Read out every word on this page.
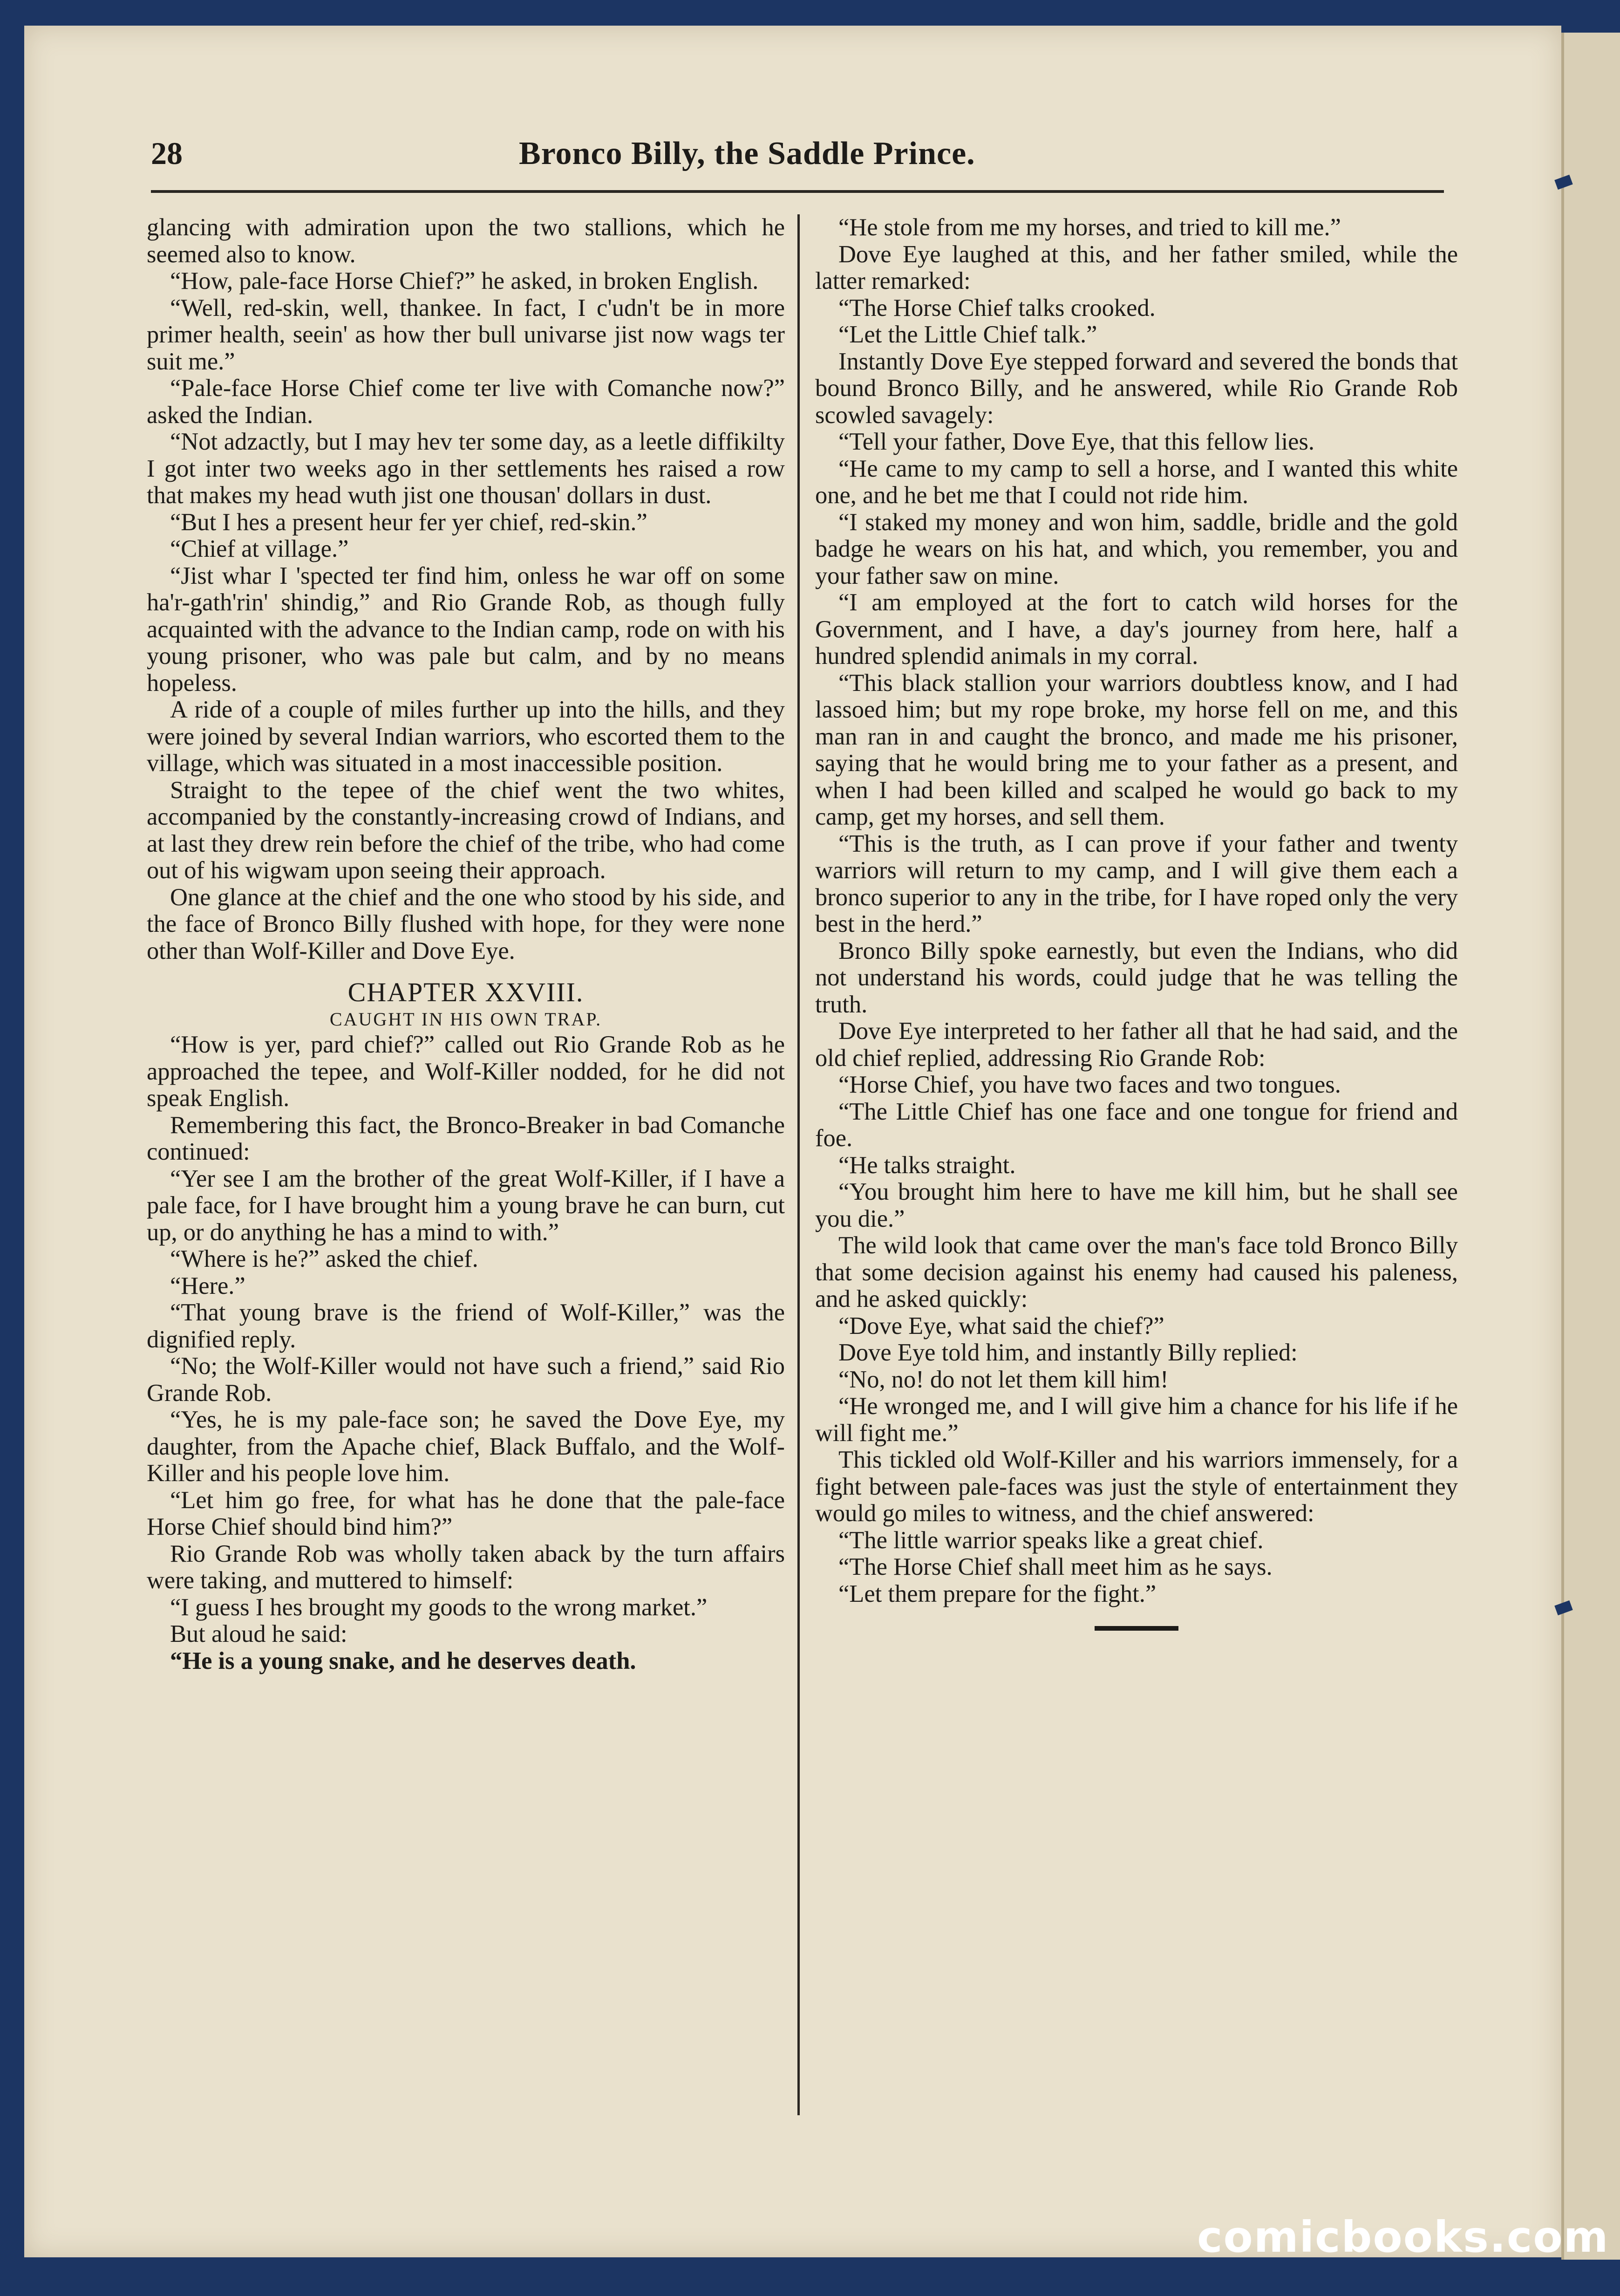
28	Bronco Billy, the Saddle Prince.

glancing with admiration upon the two stallions, which he seemed also to know.

“How, pale-face Horse Chief?” he asked, in broken English.

“Well, red-skin, well, thankee. In fact, I c'udn't be in more primer health, seein' as how ther bull univarse jist now wags ter suit me.”

“Pale-face Horse Chief come ter live with Comanche now?” asked the Indian.

“Not adzactly, but I may hev ter some day, as a leetle diffikilty I got inter two weeks ago in ther settlements hes raised a row that makes my head wuth jist one thousan' dollars in dust.

“But I hes a present heur fer yer chief, red-skin.”

“Chief at village.”

“Jist whar I 'spected ter find him, onless he war off on some ha'r-gath'rin' shindig,” and Rio Grande Rob, as though fully acquainted with the advance to the Indian camp, rode on with his young prisoner, who was pale but calm, and by no means hopeless.

A ride of a couple of miles further up into the hills, and they were joined by several Indian warriors, who escorted them to the village, which was situated in a most inaccessible position.

Straight to the tepee of the chief went the two whites, accompanied by the constantly-increasing crowd of Indians, and at last they drew rein before the chief of the tribe, who had come out of his wigwam upon seeing their approach.

One glance at the chief and the one who stood by his side, and the face of Bronco Billy flushed with hope, for they were none other than Wolf-Killer and Dove Eye.

CHAPTER XXVIII.
CAUGHT IN HIS OWN TRAP.

“How is yer, pard chief?” called out Rio Grande Rob as he approached the tepee, and Wolf-Killer nodded, for he did not speak English.

Remembering this fact, the Bronco-Breaker in bad Comanche continued:

“Yer see I am the brother of the great Wolf-Killer, if I have a pale face, for I have brought him a young brave he can burn, cut up, or do anything he has a mind to with.”

“Where is he?” asked the chief.

“Here.”

“That young brave is the friend of Wolf-Killer,” was the dignified reply.

“No; the Wolf-Killer would not have such a friend,” said Rio Grande Rob.

“Yes, he is my pale-face son; he saved the Dove Eye, my daughter, from the Apache chief, Black Buffalo, and the Wolf-Killer and his people love him.

“Let him go free, for what has he done that the pale-face Horse Chief should bind him?”

Rio Grande Rob was wholly taken aback by the turn affairs were taking, and muttered to himself:

“I guess I hes brought my goods to the wrong market.”

But aloud he said:

“He is a young snake, and he deserves death.

“He stole from me my horses, and tried to kill me.”

Dove Eye laughed at this, and her father smiled, while the latter remarked:

“The Horse Chief talks crooked.

“Let the Little Chief talk.”

Instantly Dove Eye stepped forward and severed the bonds that bound Bronco Billy, and he answered, while Rio Grande Rob scowled savagely:

“Tell your father, Dove Eye, that this fellow lies.

“He came to my camp to sell a horse, and I wanted this white one, and he bet me that I could not ride him.

“I staked my money and won him, saddle, bridle and the gold badge he wears on his hat, and which, you remember, you and your father saw on mine.

“I am employed at the fort to catch wild horses for the Government, and I have, a day's journey from here, half a hundred splendid animals in my corral.

“This black stallion your warriors doubtless know, and I had lassoed him; but my rope broke, my horse fell on me, and this man ran in and caught the bronco, and made me his prisoner, saying that he would bring me to your father as a present, and when I had been killed and scalped he would go back to my camp, get my horses, and sell them.

“This is the truth, as I can prove if your father and twenty warriors will return to my camp, and I will give them each a bronco superior to any in the tribe, for I have roped only the very best in the herd.”

Bronco Billy spoke earnestly, but even the Indians, who did not understand his words, could judge that he was telling the truth.

Dove Eye interpreted to her father all that he had said, and the old chief replied, addressing Rio Grande Rob:

“Horse Chief, you have two faces and two tongues.

“The Little Chief has one face and one tongue for friend and foe.

“He talks straight.

“You brought him here to have me kill him, but he shall see you die.”

The wild look that came over the man's face told Bronco Billy that some decision against his enemy had caused his paleness, and he asked quickly:

“Dove Eye, what said the chief?”

Dove Eye told him, and instantly Billy replied:

“No, no! do not let them kill him!

“He wronged me, and I will give him a chance for his life if he will fight me.”

This tickled old Wolf-Killer and his warriors immensely, for a fight between pale-faces was just the style of entertainment they would go miles to witness, and the chief answered:

“The little warrior speaks like a great chief.

“The Horse Chief shall meet him as he says.

“Let them prepare for the fight.”

comicbooks.com
